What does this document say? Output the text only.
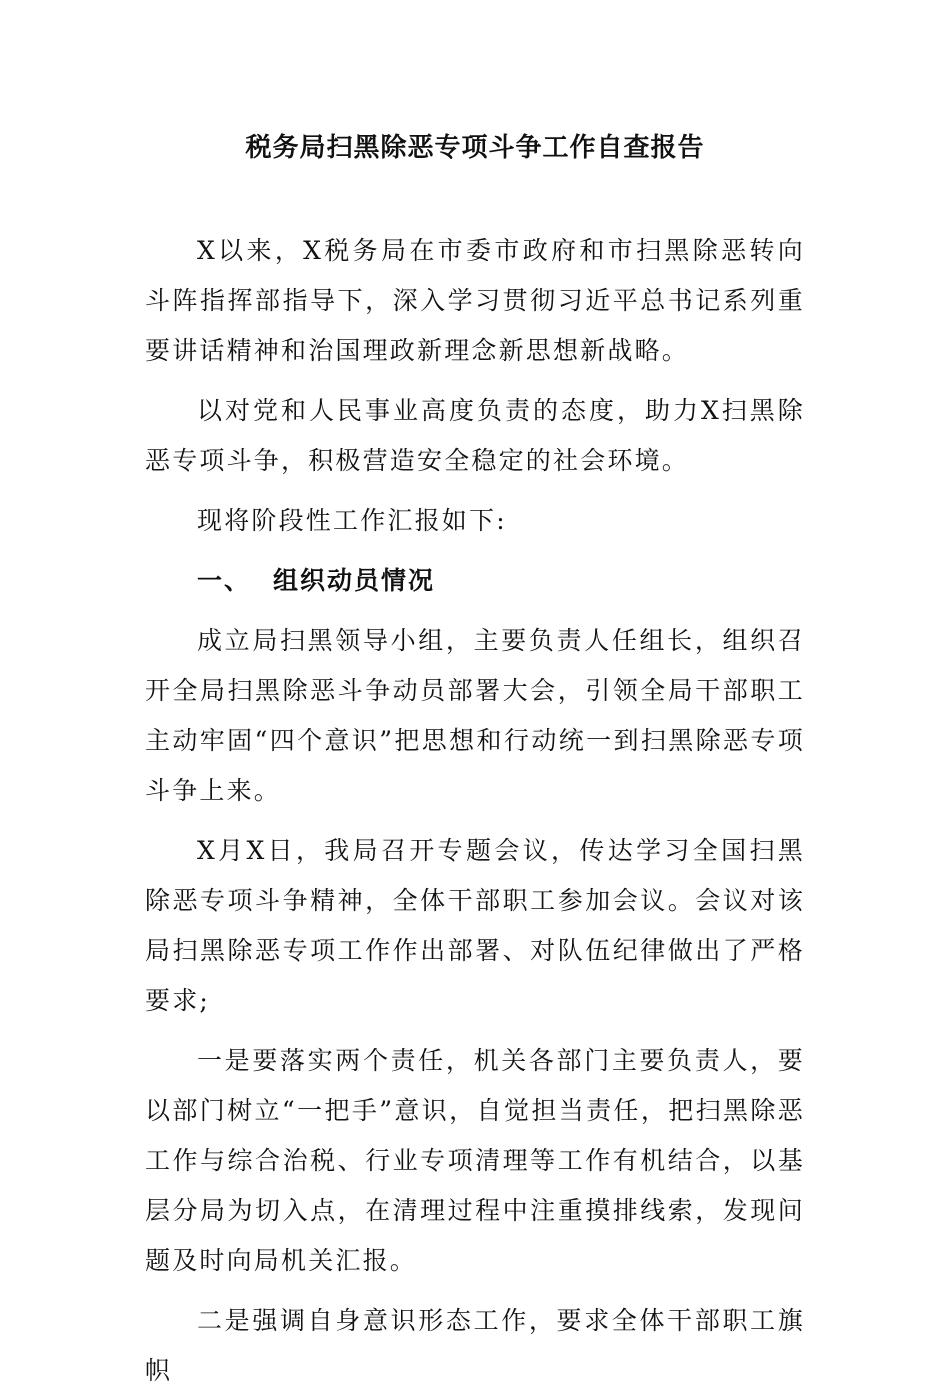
税务局扫黑除恶专项斗争工作自查报告

X以来，X税务局在市委市政府和市扫黑除恶转向斗阵指挥部指导下，深入学习贯彻习近平总书记系列重要讲话精神和治国理政新理念新思想新战略。

以对党和人民事业高度负责的态度，助力X扫黑除恶专项斗争，积极营造安全稳定的社会环境。

现将阶段性工作汇报如下:

一、 组织动员情况

成立局扫黑领导小组，主要负责人任组长，组织召开全局扫黑除恶斗争动员部署大会，引领全局干部职工主动牢固“四个意识”把思想和行动统一到扫黑除恶专项斗争上来。

X月X日，我局召开专题会议，传达学习全国扫黑除恶专项斗争精神，全体干部职工参加会议。会议对该局扫黑除恶专项工作作出部署、对队伍纪律做出了严格要求;

一是要落实两个责任，机关各部门主要负责人，要以部门树立“一把手”意识，自觉担当责任，把扫黑除恶工作与综合治税、行业专项清理等工作有机结合，以基层分局为切入点，在清理过程中注重摸排线索，发现问题及时向局机关汇报。

二是强调自身意识形态工作，要求全体干部职工旗帜
